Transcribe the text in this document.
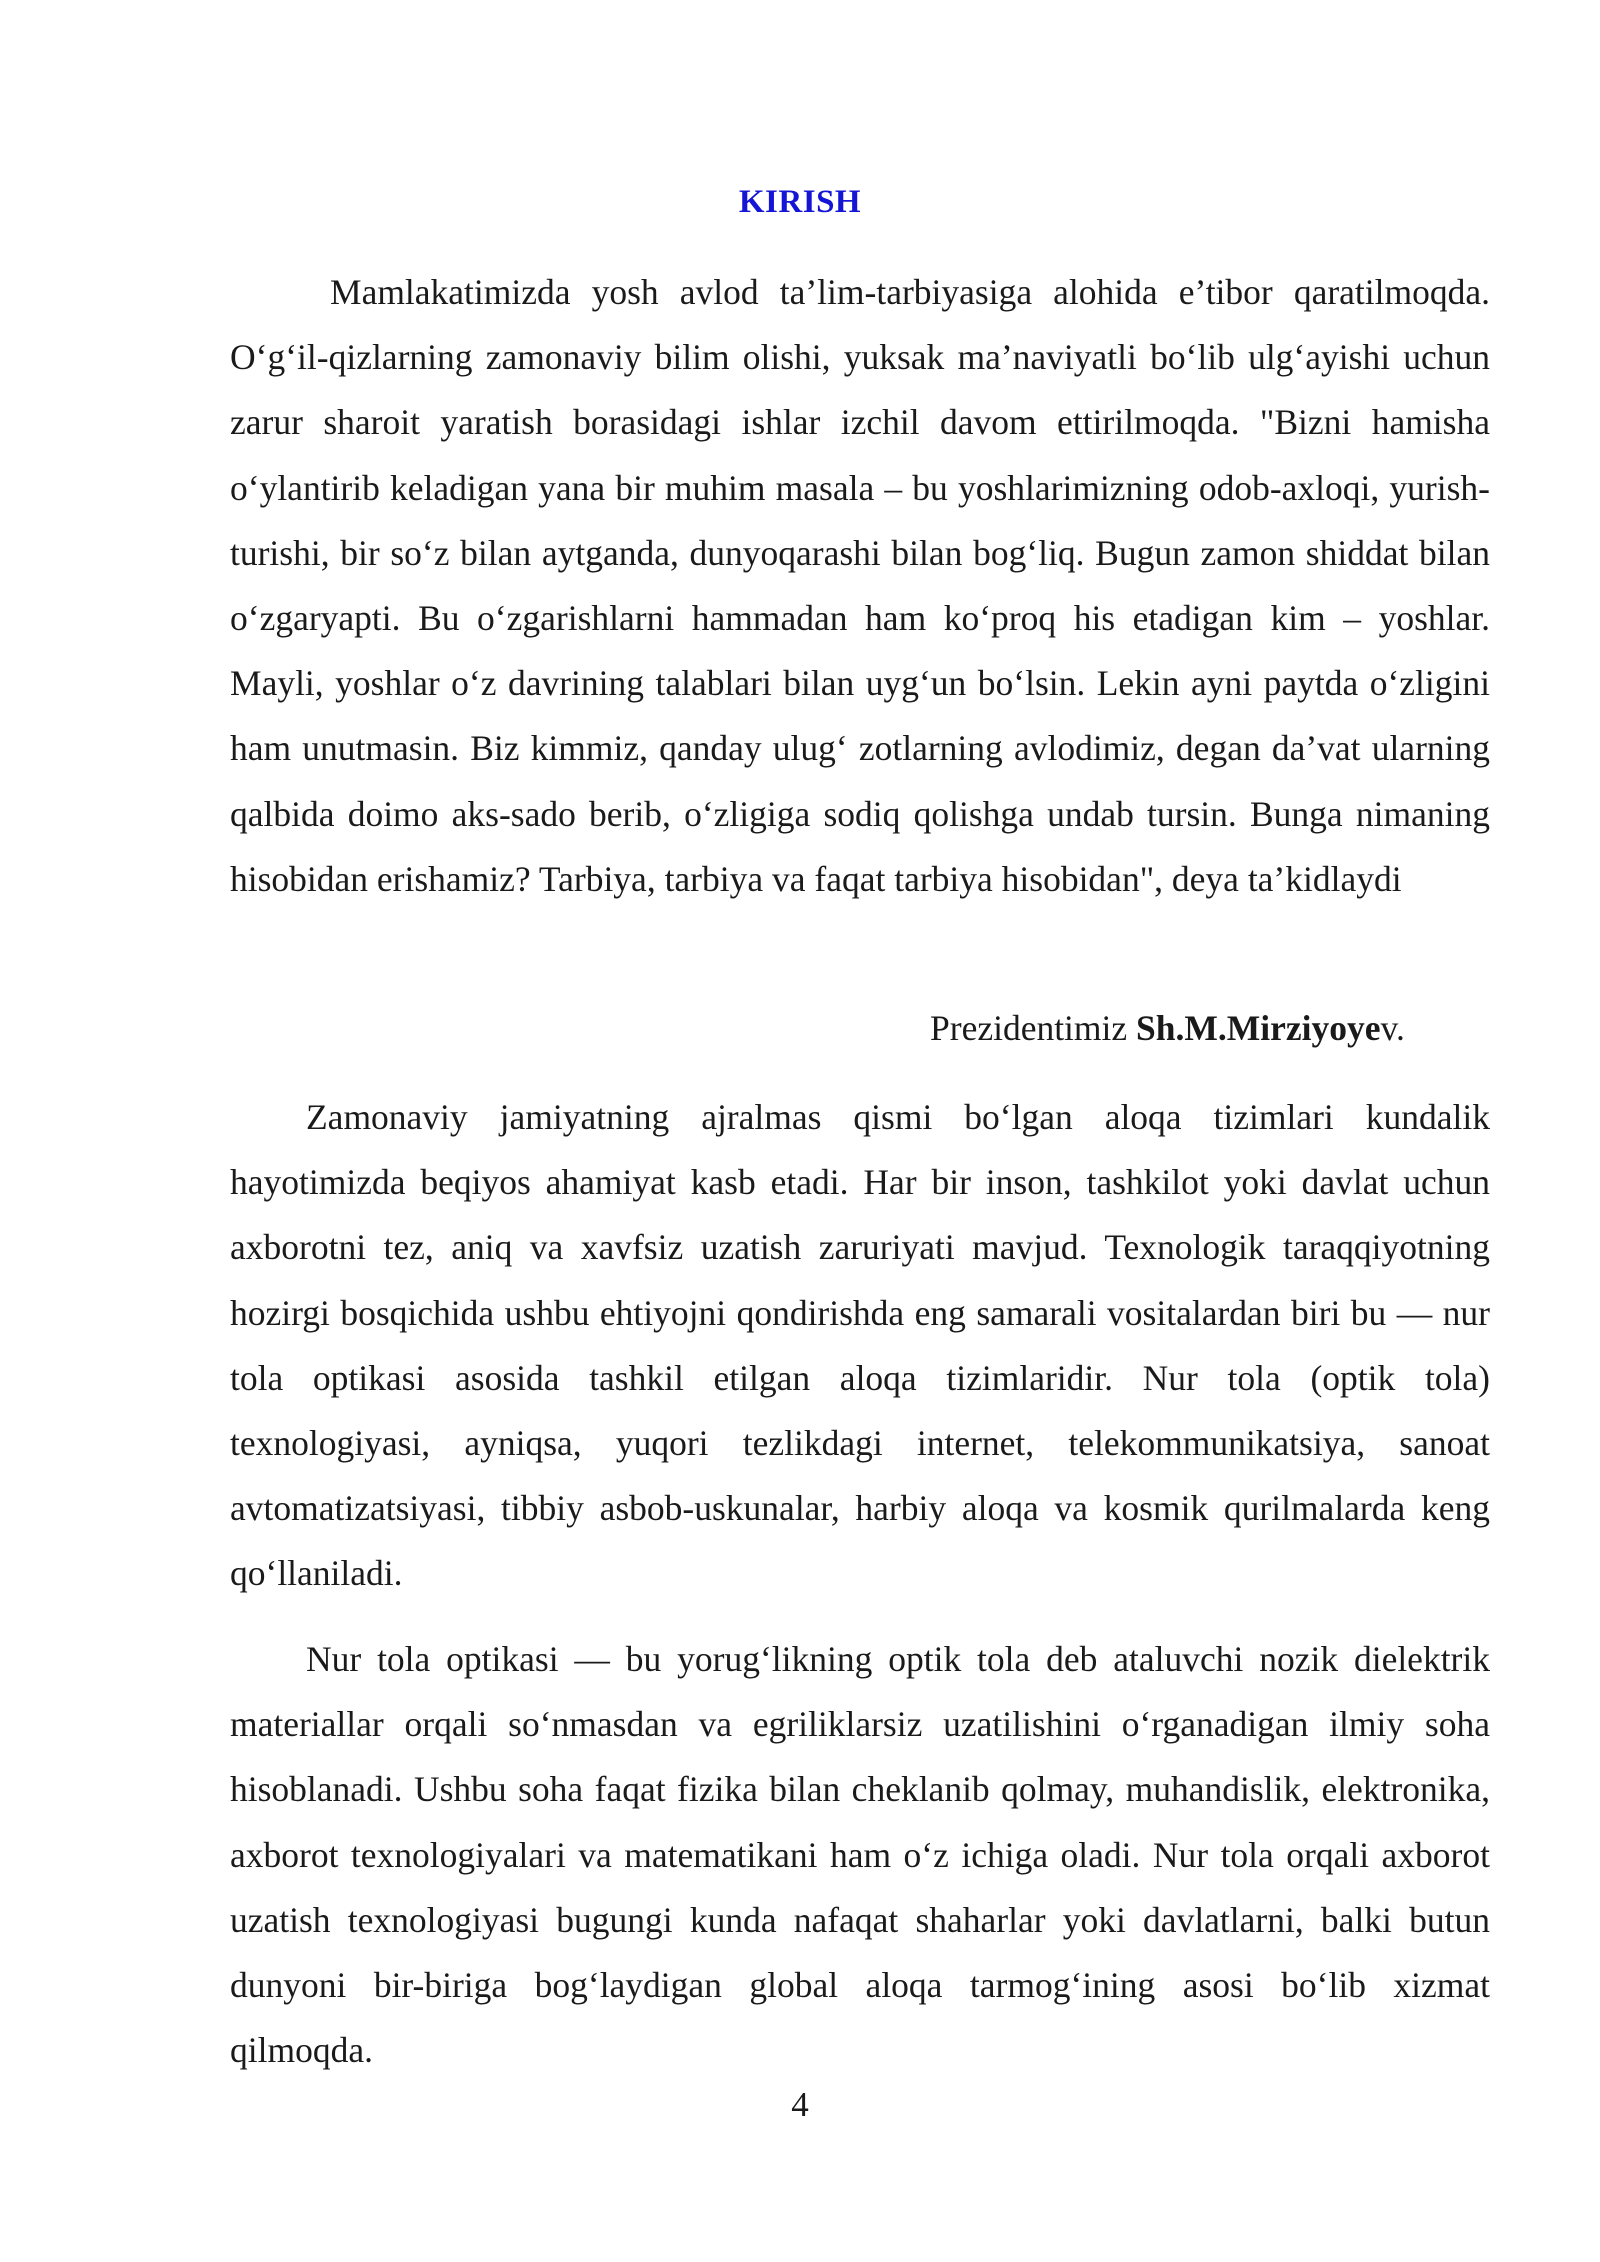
KIRISH

Mamlakatimizda yosh avlod ta’lim-tarbiyasiga alohida e’tibor qaratilmoqda. O‘g‘il-qizlarning zamonaviy bilim olishi, yuksak ma’naviyatli bo‘lib ulg‘ayishi uchun zarur sharoit yaratish borasidagi ishlar izchil davom ettirilmoqda. "Bizni hamisha o‘ylantirib keladigan yana bir muhim masala – bu yoshlarimizning odob-axloqi, yurish-turishi, bir so‘z bilan aytganda, dunyoqarashi bilan bog‘liq. Bugun zamon shiddat bilan o‘zgaryapti. Bu o‘zgarishlarni hammadan ham ko‘proq his etadigan kim – yoshlar. Mayli, yoshlar o‘z davrining talablari bilan uyg‘un bo‘lsin. Lekin ayni paytda o‘zligini ham unutmasin. Biz kimmiz, qanday ulug‘ zotlarning avlodimiz, degan da’vat ularning qalbida doimo aks-sado berib, o‘zligiga sodiq qolishga undab tursin. Bunga nimaning hisobidan erishamiz? Tarbiya, tarbiya va faqat tarbiya hisobidan", deya ta’kidlaydi

Prezidentimiz Sh.M.Mirziyoyev.

Zamonaviy jamiyatning ajralmas qismi bo‘lgan aloqa tizimlari kundalik hayotimizda beqiyos ahamiyat kasb etadi. Har bir inson, tashkilot yoki davlat uchun axborotni tez, aniq va xavfsiz uzatish zaruriyati mavjud. Texnologik taraqqiyotning hozirgi bosqichida ushbu ehtiyojni qondirishda eng samarali vositalardan biri bu — nur tola optikasi asosida tashkil etilgan aloqa tizimlaridir. Nur tola (optik tola) texnologiyasi, ayniqsa, yuqori tezlikdagi internet, telekommunikatsiya, sanoat avtomatizatsiyasi, tibbiy asbob-uskunalar, harbiy aloqa va kosmik qurilmalarda keng qo‘llaniladi.

Nur tola optikasi — bu yorug‘likning optik tola deb ataluvchi nozik dielektrik materiallar orqali so‘nmasdan va egriliklarsiz uzatilishini o‘rganadigan ilmiy soha hisoblanadi. Ushbu soha faqat fizika bilan cheklanib qolmay, muhandislik, elektronika, axborot texnologiyalari va matematikani ham o‘z ichiga oladi. Nur tola orqali axborot uzatish texnologiyasi bugungi kunda nafaqat shaharlar yoki davlatlarni, balki butun dunyoni bir-biriga bog‘laydigan global aloqa tarmog‘ining asosi bo‘lib xizmat qilmoqda.

4
